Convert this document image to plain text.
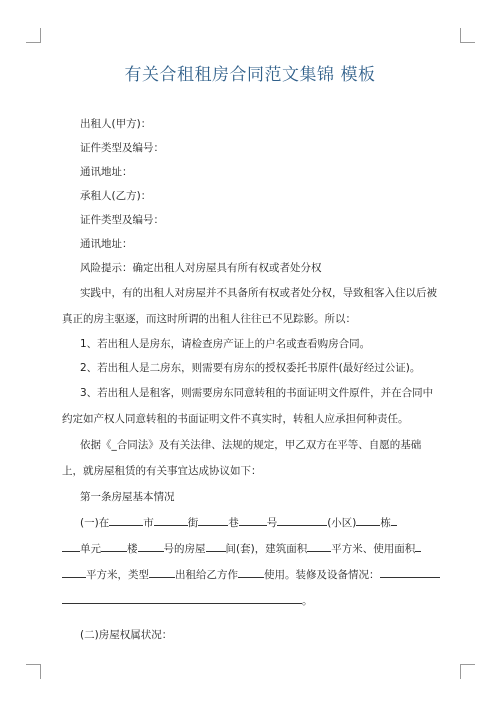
有关合租租房合同范文集锦 模板

出租人(甲方)：

证件类型及编号：

通讯地址：

承租人(乙方)：

证件类型及编号：

通讯地址：

风险提示：确定出租人对房屋具有所有权或者处分权

实践中，有的出租人对房屋并不具备所有权或者处分权，导致租客入住以后被真正的房主驱逐，而这时所谓的出租人往往已不见踪影。所以：

1、若出租人是房东，请检查房产证上的户名或查看购房合同。

2、若出租人是二房东，则需要有房东的授权委托书原件(最好经过公证)。

3、若出租人是租客，则需要房东同意转租的书面证明文件原件，并在合同中约定如产权人同意转租的书面证明文件不真实时，转租人应承担何种责任。

依据《_合同法》及有关法律、法规的规定，甲乙双方在平等、自愿的基础上，就房屋租赁的有关事宜达成协议如下：

第一条房屋基本情况

(一)在	市	街	巷	号	(小区) 栋

单元 楼 号的房屋 间(套)，建筑面积 平方米、使用面积

平方米，类型 出租给乙方作 使用。装修及设备情况：

。

(二)房屋权属状况：
